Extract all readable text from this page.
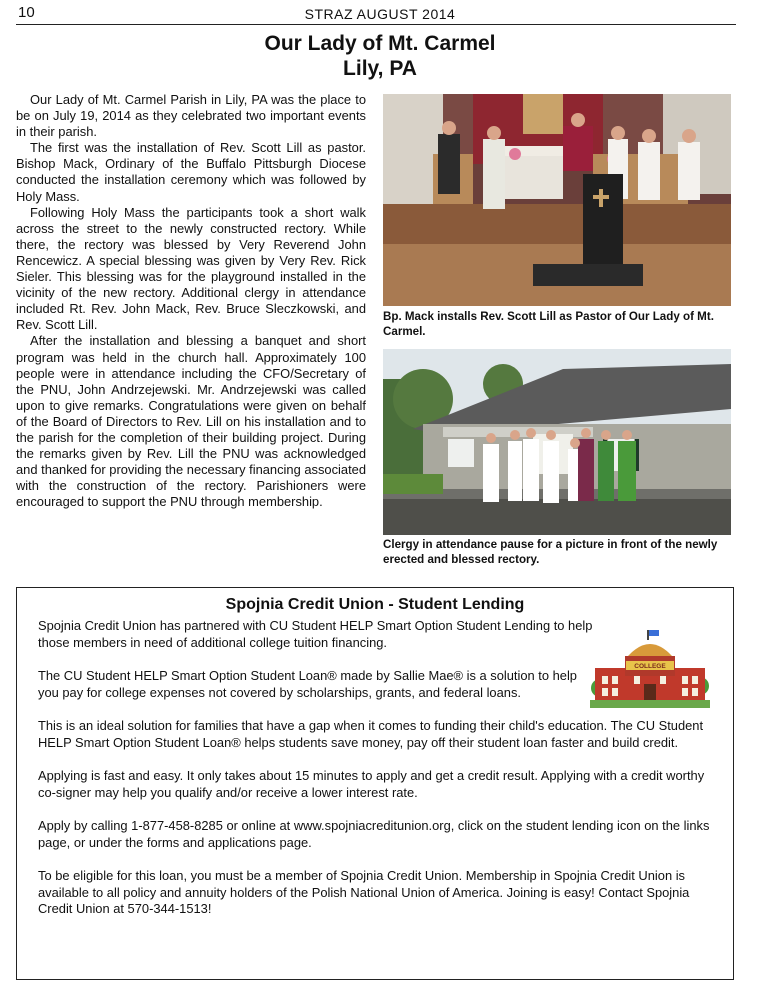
10	STRAZ AUGUST 2014
Our Lady of Mt. Carmel
Lily, PA

Our Lady of Mt. Carmel Parish in Lily, PA was the place to be on July 19, 2014 as they celebrated two important events in their parish.

The first was the installation of Rev. Scott Lill as pastor. Bishop Mack, Ordinary of the Buffalo Pittsburgh Diocese conducted the installation ceremony which was followed by Holy Mass.

Following Holy Mass the participants took a short walk across the street to the newly constructed rectory. While there, the rectory was blessed by Very Reverend John Rencewicz. A special blessing was given by Very Rev. Rick Sieler. This blessing was for the playground installed in the vicinity of the new rectory. Additional clergy in attendance included Rt. Rev. John Mack, Rev. Bruce Sleczkowski, and Rev. Scott Lill.

After the installation and blessing a banquet and short program was held in the church hall. Approximately 100 people were in attendance including the CFO/Secretary of the PNU, John Andrzejewski. Mr. Andrzejewski was called upon to give remarks. Congratulations were given on behalf of the Board of Directors to Rev. Lill on his installation and to the parish for the completion of their building project. During the remarks given by Rev. Lill the PNU was acknowledged and thanked for providing the necessary financing associated with the construction of the rectory. Parishioners were encouraged to support the PNU through membership.

Bp. Mack installs Rev. Scott Lill as Pastor of Our Lady of Mt. Carmel.
Clergy in attendance pause for a picture in front of the newly erected and blessed rectory.
Spojnia Credit Union - Student Lending
COLLEGE

Spojnia Credit Union has partnered with CU Student HELP Smart Option Student Lending to help those members in need of additional college tuition financing.

The CU Student HELP Smart Option Student Loan® made by Sallie Mae® is a solution to help you pay for college expenses not covered by scholarships, grants, and federal loans.

This is an ideal solution for families that have a gap when it comes to funding their child's education. The CU Student HELP Smart Option Student Loan® helps students save money, pay off their student loan faster and build credit.

Applying is fast and easy. It only takes about 15 minutes to apply and get a credit result. Applying with a credit worthy co-signer may help you qualify and/or receive a lower interest rate.

Apply by calling 1-877-458-8285 or online at www.spojniacreditunion.org, click on the student lending icon on the links page, or under the forms and applications page.

To be eligible for this loan, you must be a member of Spojnia Credit Union. Membership in Spojnia Credit Union is available to all policy and annuity holders of the Polish National Union of America. Joining is easy! Contact Spojnia Credit Union at 570-344-1513!
